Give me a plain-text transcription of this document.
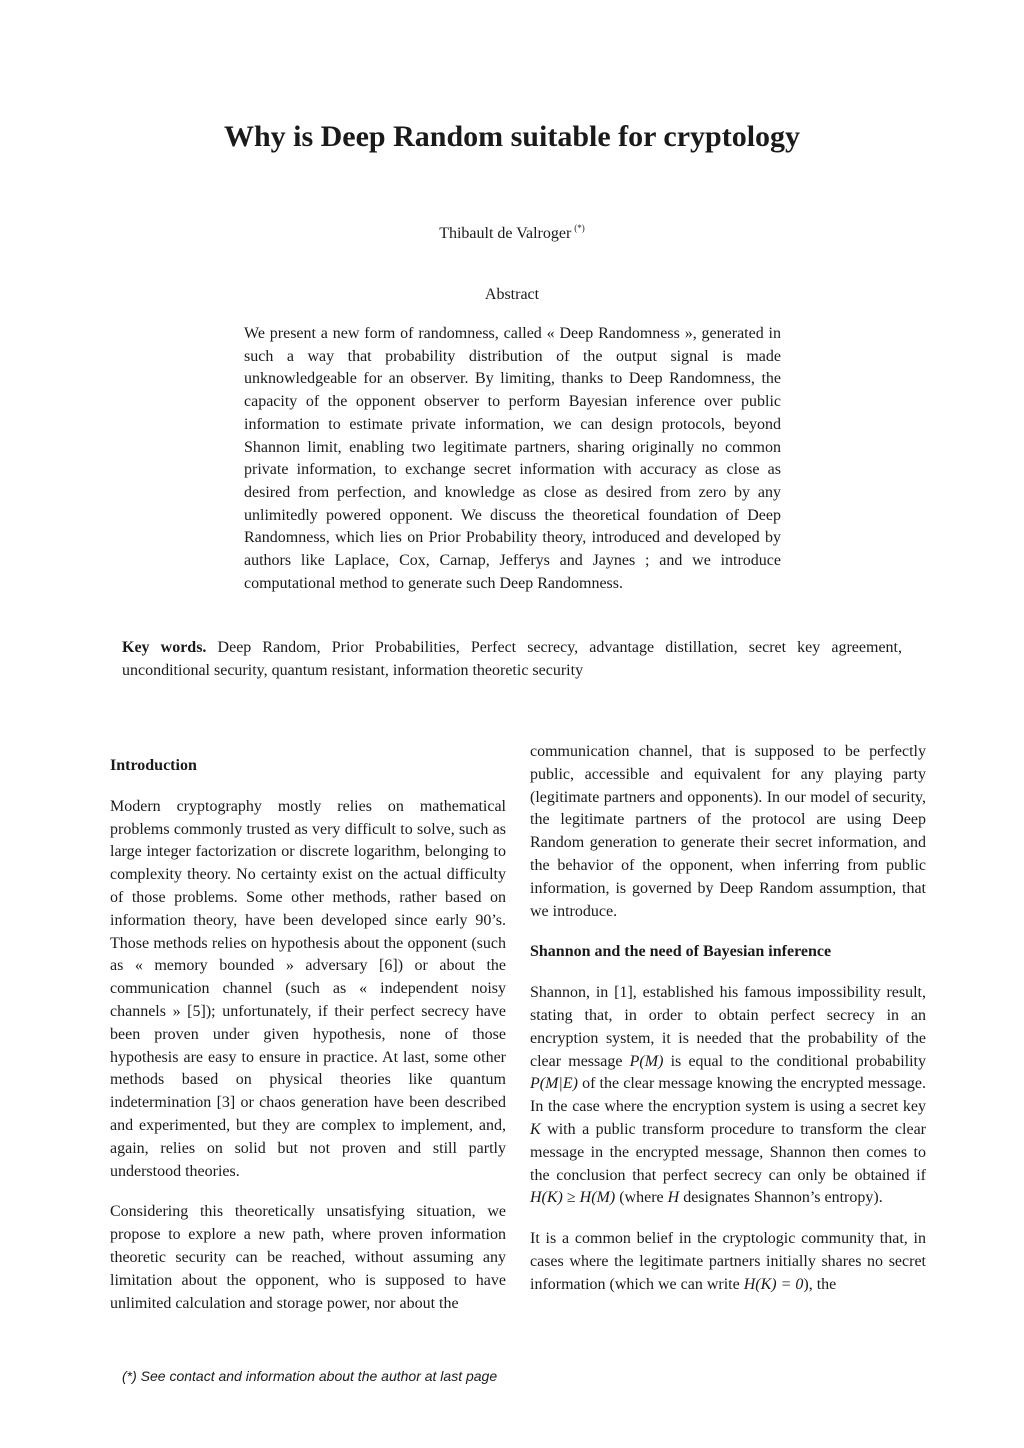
Why is Deep Random suitable for cryptology
Thibault de Valroger (*)
Abstract

We present a new form of randomness, called « Deep Randomness », generated in such a way that probability distribution of the output signal is made unknowledgeable for an observer. By limiting, thanks to Deep Randomness, the capacity of the opponent observer to perform Bayesian inference over public information to estimate private information, we can design protocols, beyond Shannon limit, enabling two legitimate partners, sharing originally no common private information, to exchange secret information with accuracy as close as desired from perfection, and knowledge as close as desired from zero by any unlimitedly powered opponent. We discuss the theoretical foundation of Deep Randomness, which lies on Prior Probability theory, introduced and developed by authors like Laplace, Cox, Carnap, Jefferys and Jaynes ; and we introduce computational method to generate such Deep Randomness.

Key words. Deep Random, Prior Probabilities, Perfect secrecy, advantage distillation, secret key agreement, unconditional security, quantum resistant, information theoretic security

Introduction

Modern cryptography mostly relies on mathematical problems commonly trusted as very difficult to solve, such as large integer factorization or discrete logarithm, belonging to complexity theory. No certainty exist on the actual difficulty of those problems. Some other methods, rather based on information theory, have been developed since early 90’s. Those methods relies on hypothesis about the opponent (such as « memory bounded » adversary [6]) or about the communication channel (such as « independent noisy channels » [5]); unfortunately, if their perfect secrecy have been proven under given hypothesis, none of those hypothesis are easy to ensure in practice. At last, some other methods based on physical theories like quantum indetermination [3] or chaos generation have been described and experimented, but they are complex to implement, and, again, relies on solid but not proven and still partly understood theories.

Considering this theoretically unsatisfying situation, we propose to explore a new path, where proven information theoretic security can be reached, without assuming any limitation about the opponent, who is supposed to have unlimited calculation and storage power, nor about the

communication channel, that is supposed to be perfectly public, accessible and equivalent for any playing party (legitimate partners and opponents). In our model of security, the legitimate partners of the protocol are using Deep Random generation to generate their secret information, and the behavior of the opponent, when inferring from public information, is governed by Deep Random assumption, that we introduce.

Shannon and the need of Bayesian inference

Shannon, in [1], established his famous impossibility result, stating that, in order to obtain perfect secrecy in an encryption system, it is needed that the probability of the clear message P(M) is equal to the conditional probability P(M|E) of the clear message knowing the encrypted message. In the case where the encryption system is using a secret key K with a public transform procedure to transform the clear message in the encrypted message, Shannon then comes to the conclusion that perfect secrecy can only be obtained if H(K) ≥ H(M) (where H designates Shannon’s entropy).

It is a common belief in the cryptologic community that, in cases where the legitimate partners initially shares no secret information (which we can write H(K) = 0), the

(*) See contact and information about the author at last page
